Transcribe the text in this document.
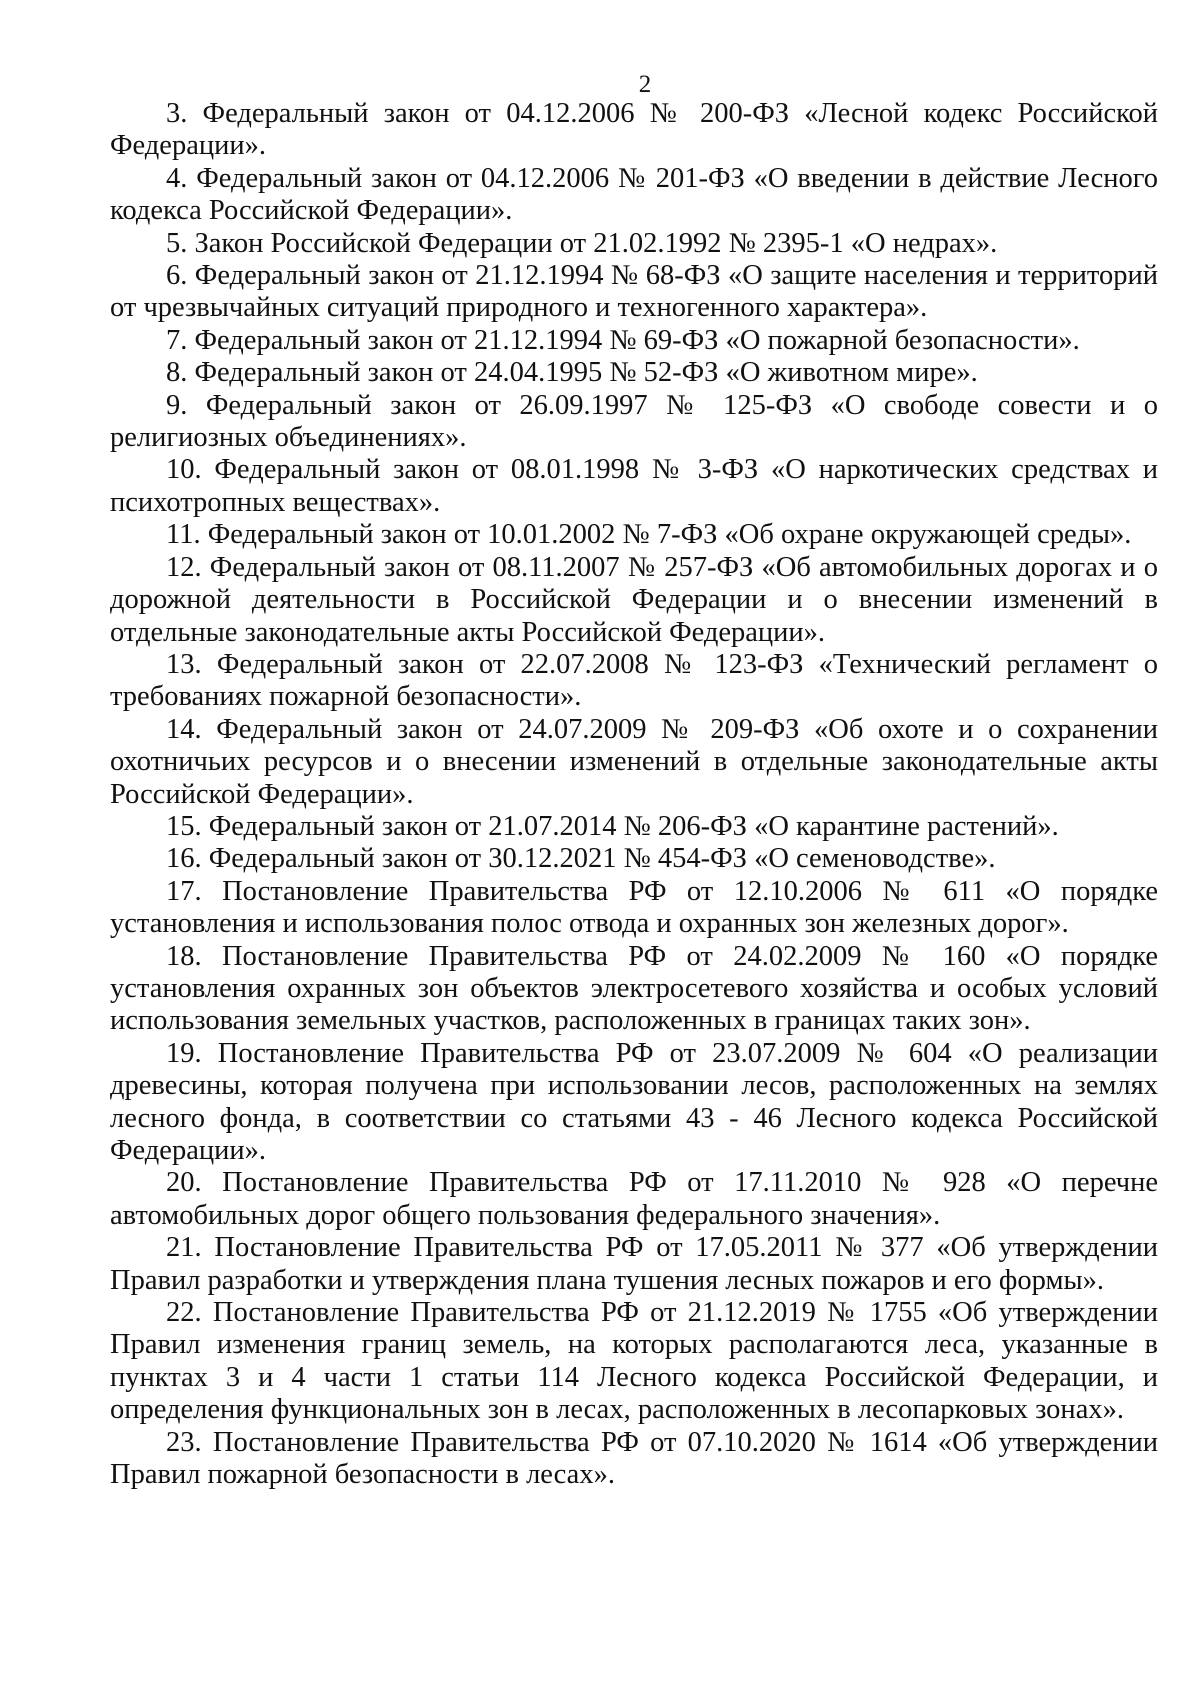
2

3. Федеральный закон от 04.12.2006 № 200-ФЗ «Лесной кодекс Российской Федерации».

4. Федеральный закон от 04.12.2006 № 201-ФЗ «О введении в действие Лесного кодекса Российской Федерации».

5. Закон Российской Федерации от 21.02.1992 № 2395-1 «О недрах».

6. Федеральный закон от 21.12.1994 № 68-ФЗ «О защите населения и территорий от чрезвычайных ситуаций природного и техногенного характера».

7. Федеральный закон от 21.12.1994 № 69-ФЗ «О пожарной безопасности».

8. Федеральный закон от 24.04.1995 № 52-ФЗ «О животном мире».

9. Федеральный закон от 26.09.1997 № 125-ФЗ «О свободе совести и о религиозных объединениях».

10. Федеральный закон от 08.01.1998 № 3-ФЗ «О наркотических средствах и психотропных веществах».

11. Федеральный закон от 10.01.2002 № 7-ФЗ «Об охране окружающей среды».

12. Федеральный закон от 08.11.2007 № 257-ФЗ «Об автомобильных дорогах и о дорожной деятельности в Российской Федерации и о внесении изменений в отдельные законодательные акты Российской Федерации».

13. Федеральный закон от 22.07.2008 № 123-ФЗ «Технический регламент о требованиях пожарной безопасности».

14. Федеральный закон от 24.07.2009 № 209-ФЗ «Об охоте и о сохранении охотничьих ресурсов и о внесении изменений в отдельные законодательные акты Российской Федерации».

15. Федеральный закон от 21.07.2014 № 206-ФЗ «О карантине растений».

16. Федеральный закон от 30.12.2021 № 454-ФЗ «О семеноводстве».

17. Постановление Правительства РФ от 12.10.2006 № 611 «О порядке установления и использования полос отвода и охранных зон железных дорог».

18. Постановление Правительства РФ от 24.02.2009 № 160 «О порядке установления охранных зон объектов электросетевого хозяйства и особых условий использования земельных участков, расположенных в границах таких зон».

19. Постановление Правительства РФ от 23.07.2009 № 604 «О реализации древесины, которая получена при использовании лесов, расположенных на землях лесного фонда, в соответствии со статьями 43 - 46 Лесного кодекса Российской Федерации».

20. Постановление Правительства РФ от 17.11.2010 № 928 «О перечне автомобильных дорог общего пользования федерального значения».

21. Постановление Правительства РФ от 17.05.2011 № 377 «Об утверждении Правил разработки и утверждения плана тушения лесных пожаров и его формы».

22. Постановление Правительства РФ от 21.12.2019 № 1755 «Об утверждении Правил изменения границ земель, на которых располагаются леса, указанные в пунктах 3 и 4 части 1 статьи 114 Лесного кодекса Российской Федерации, и определения функциональных зон в лесах, расположенных в лесопарковых зонах».

23. Постановление Правительства РФ от 07.10.2020 № 1614 «Об утверждении Правил пожарной безопасности в лесах».
